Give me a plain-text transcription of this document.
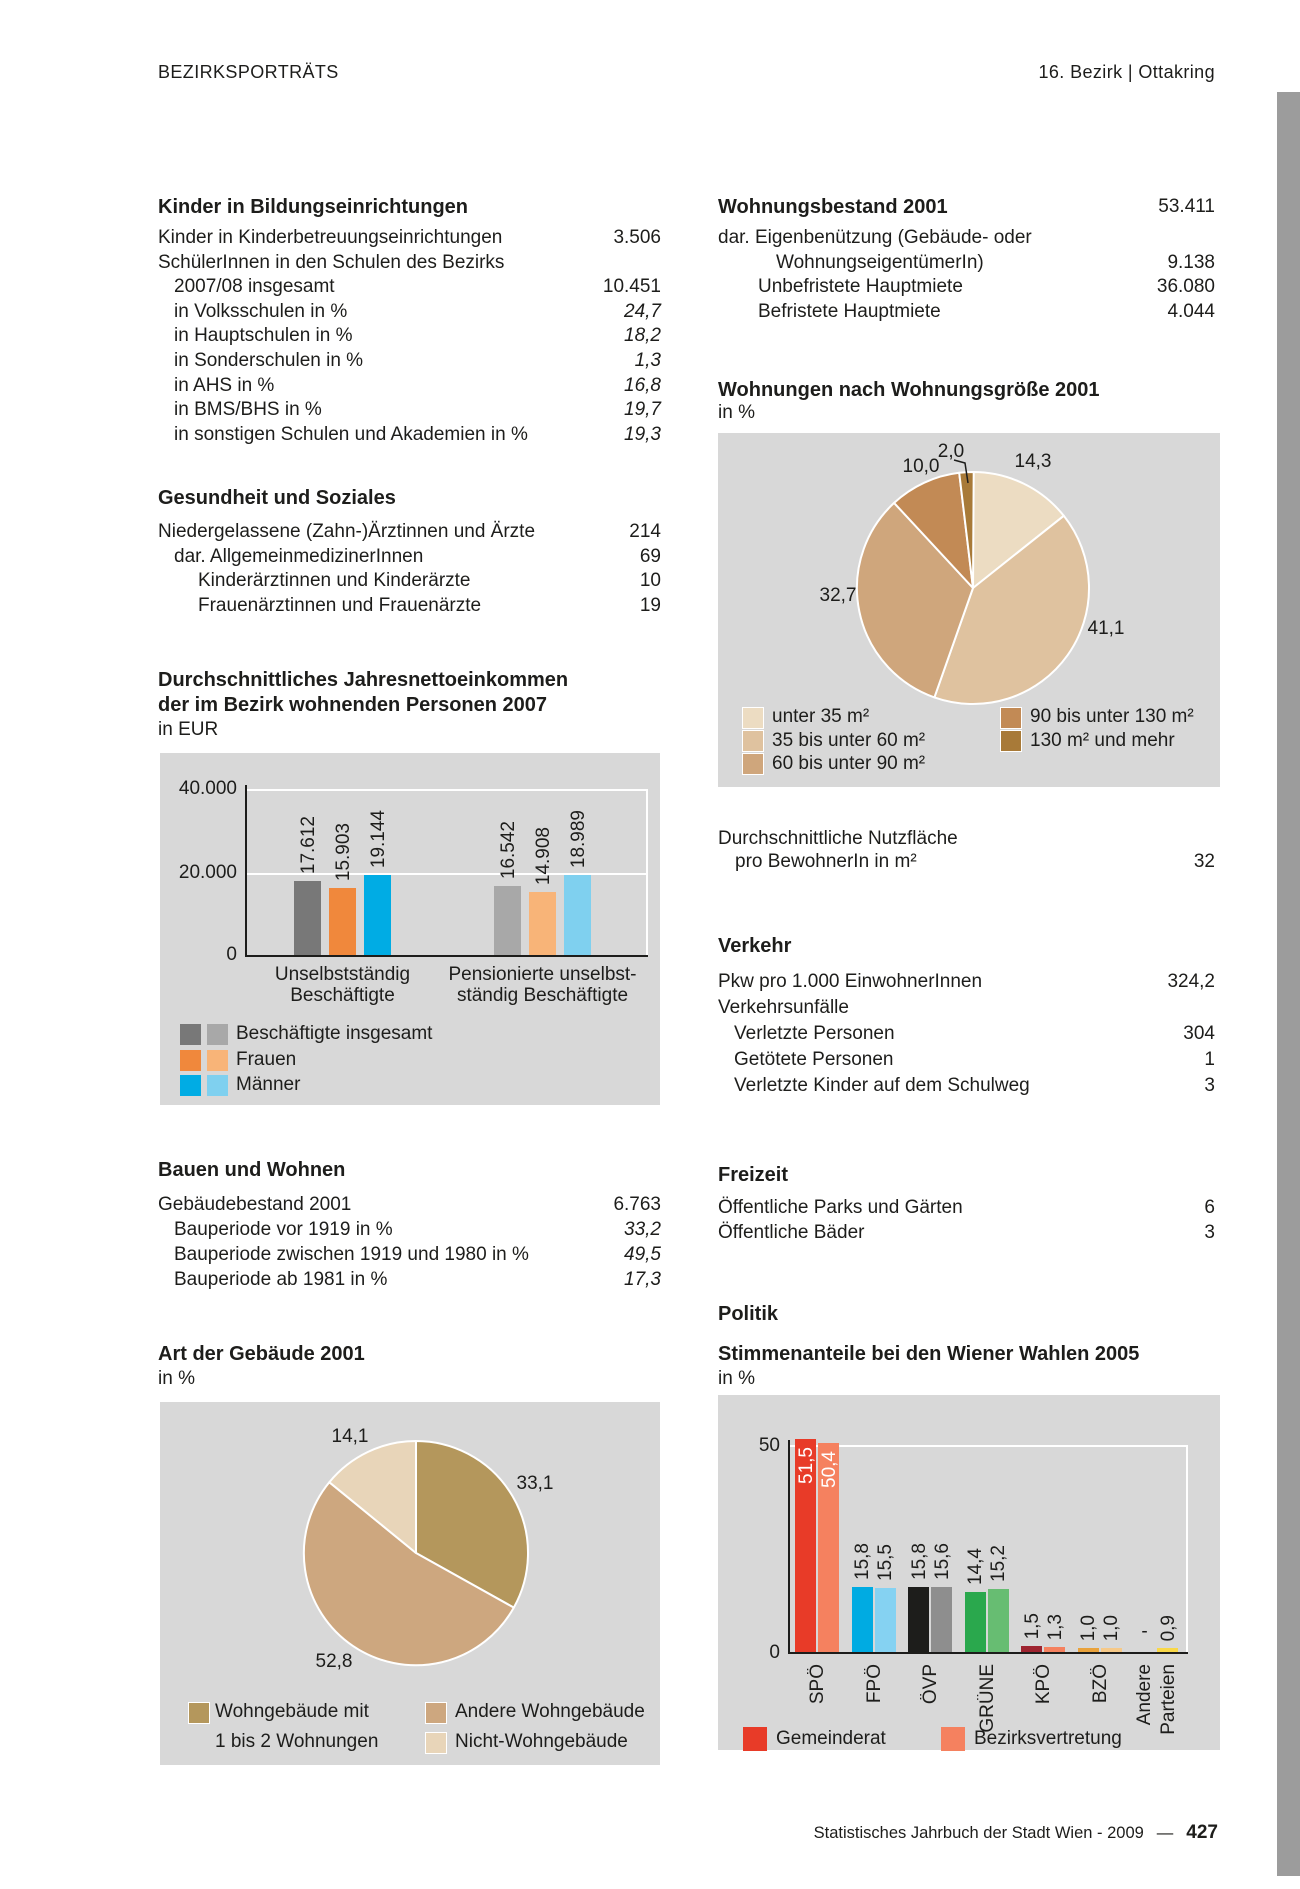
BEZIRKSPORTRÄTS	16. Bezirk | Ottakring
Kinder in Bildungseinrichtungen
Gesundheit und Soziales
Durchschnittliches Jahresnettoeinkommen
der im Bezirk wohnenden Personen 2007
in EUR
Bauen und Wohnen
Art der Gebäude 2001
in %
Wohnungsbestand 2001	53.411
Wohnungen nach Wohnungsgröße 2001
in %
Durchschnittliche Nutzfläche
pro BewohnerIn in m²	32
Verkehr
Freizeit
Politik
Stimmenanteile bei den Wiener Wahlen 2005
in %
Statistisches Jahrbuch der Stadt Wien - 2009 — 427
Kinder in Kinderbetreuungseinrichtungen	3.506
SchülerInnen in den Schulen des Bezirks
2007/08 insgesamt	10.451
in Volksschulen in %	24,7
in Hauptschulen in %	18,2
in Sonderschulen in %	1,3
in AHS in %	16,8
in BMS/BHS in %	19,7
in sonstigen Schulen und Akademien in %	19,3
Niedergelassene (Zahn-)Ärztinnen und Ärzte	214
dar. AllgemeinmedizinerInnen	69
Kinderärztinnen und Kinderärzte	10
Frauenärztinnen und Frauenärzte	19
Gebäudebestand 2001	6.763
Bauperiode vor 1919 in %	33,2
Bauperiode zwischen 1919 und 1980 in %	49,5
Bauperiode ab 1981 in %	17,3
dar. Eigenbenützung (Gebäude- oder
WohnungseigentümerIn)	9.138
Unbefristete Hauptmiete	36.080
Befristete Hauptmiete	4.044
Pkw pro 1.000 EinwohnerInnen	324,2
Verkehrsunfälle
Verletzte Personen	304
Getötete Personen	1
Verletzte Kinder auf dem Schulweg	3
Öffentliche Parks und Gärten	6
Öffentliche Bäder	3
40.000
20.000
0
17.612	16.542
15.903	14.908
19.144	18.989
Unselbstständig
Beschäftigte
Pensionierte unselbst-
ständig Beschäftigte
Beschäftigte insgesamt
Frauen
Männer
14,3
41,1
32,7
10,0
2,0
unter 35 m²
35 bis unter 60 m²
60 bis unter 90 m²
90 bis unter 130 m²
130 m² und mehr
33,1
52,8
14,1
Wohngebäude mit
1 bis 2 Wohnungen
Andere Wohngebäude
Nicht-Wohngebäude
50
0
51,5
15,8 15,8 14,4
1,5 1,0	-
50,4
15,5 15,6 15,2
1,3 1,0 0,9
SPÖ FPÖ ÖVP GRÜNE KPÖ BZÖ Andere Parteien
Gemeinderat	Bezirksvertretung
